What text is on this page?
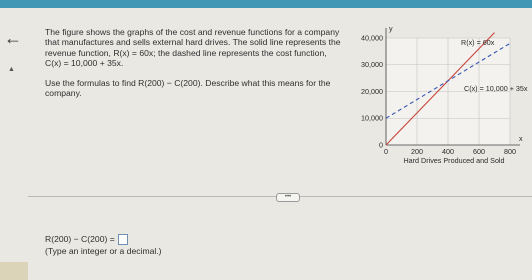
←
▲

The figure shows the graphs of the cost and revenue functions for a company that manufactures and sells external hard drives. The solid line represents the revenue function, R(x) = 60x; the dashed line represents the cost function, C(x) = 10,000 + 35x.

Use the formulas to find R(200) − C(200). Describe what this means for the company.

0
10,000
20,000
30,000
40,000
0	200	400	600	800
x
y
Hard Drives Produced and Sold
R(x) = 60x
C(x) = 10,000 + 35x
•••
R(200) − C(200) =
(Type an integer or a decimal.)
